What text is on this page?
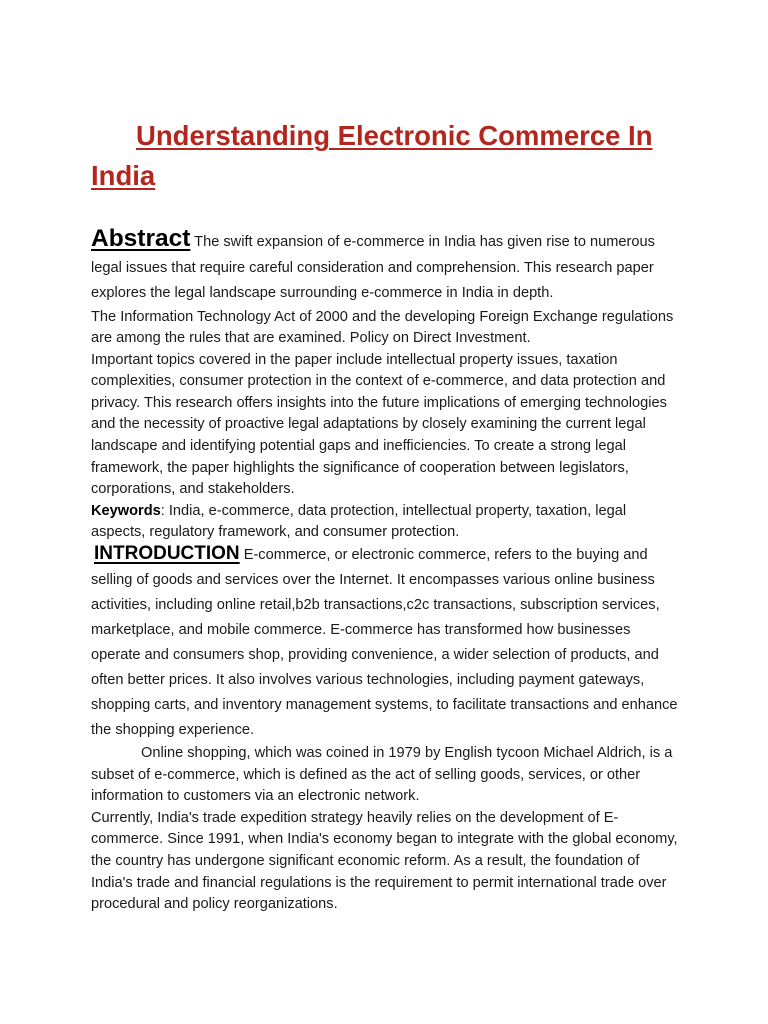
Understanding Electronic Commerce In India

Abstract The swift expansion of e-commerce in India has given rise to numerous legal issues that require careful consideration and comprehension. This research paper explores the legal landscape surrounding e-commerce in India in depth.

The Information Technology Act of 2000 and the developing Foreign Exchange regulations are among the rules that are examined. Policy on Direct Investment.

Important topics covered in the paper include intellectual property issues, taxation complexities, consumer protection in the context of e-commerce, and data protection and privacy. This research offers insights into the future implications of emerging technologies and the necessity of proactive legal adaptations by closely examining the current legal landscape and identifying potential gaps and inefficiencies. To create a strong legal framework, the paper highlights the significance of cooperation between legislators, corporations, and stakeholders.

Keywords: India, e-commerce, data protection, intellectual property, taxation, legal aspects, regulatory framework, and consumer protection.

INTRODUCTION E-commerce, or electronic commerce, refers to the buying and selling of goods and services over the Internet. It encompasses various online business activities, including online retail,b2b transactions,c2c transactions, subscription services, marketplace, and mobile commerce. E-commerce has transformed how businesses operate and consumers shop, providing convenience, a wider selection of products, and often better prices. It also involves various technologies, including payment gateways, shopping carts, and inventory management systems, to facilitate transactions and enhance the shopping experience.

Online shopping, which was coined in 1979 by English tycoon Michael Aldrich, is a subset of e-commerce, which is defined as the act of selling goods, services, or other information to customers via an electronic network.

Currently, India's trade expedition strategy heavily relies on the development of E-commerce. Since 1991, when India's economy began to integrate with the global economy, the country has undergone significant economic reform. As a result, the foundation of India's trade and financial regulations is the requirement to permit international trade over procedural and policy reorganizations.
